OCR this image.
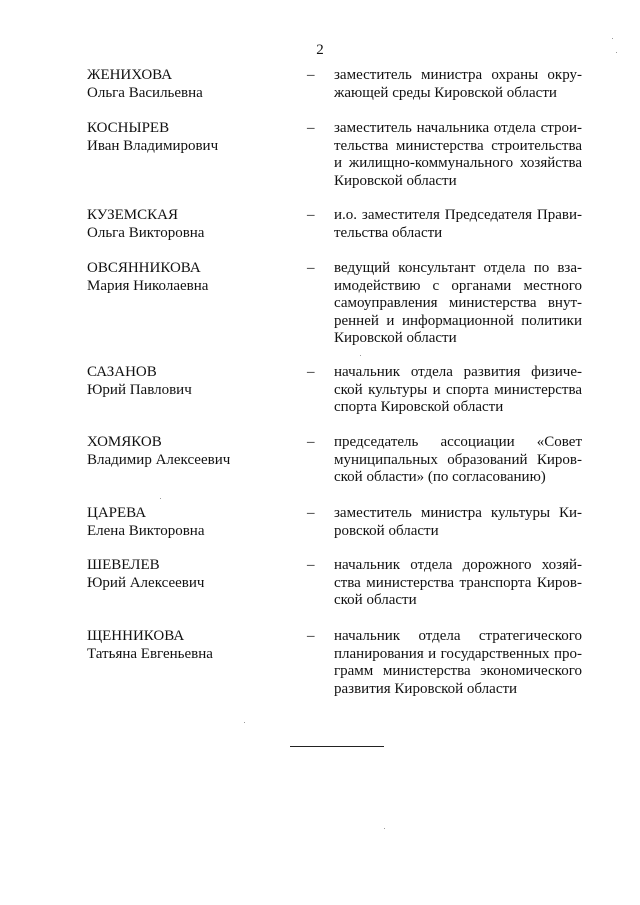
2
ЖЕНИХОВА
Ольга Васильевна
– заместитель министра охраны окру-
жающей среды Кировской области
КОСНЫРЕВ
Иван Владимирович
– заместитель начальника отдела строи-
тельства министерства строительства
и жилищно-коммунального хозяйства
Кировской области
КУЗЕМСКАЯ
Ольга Викторовна
– и.о. заместителя Председателя Прави-
тельства области
ОВСЯННИКОВА
Мария Николаевна
– ведущий консультант отдела по вза-
имодействию с органами местного
самоуправления министерства внут-
ренней и информационной политики
Кировской области
САЗАНОВ
Юрий Павлович
– начальник отдела развития физиче-
ской культуры и спорта министерства
спорта Кировской области
ХОМЯКОВ
Владимир Алексеевич
– председатель ассоциации «Совет
муниципальных образований Киров-
ской области» (по согласованию)
ЦАРЕВА
Елена Викторовна
– заместитель министра культуры Ки-
ровской области
ШЕВЕЛЕВ
Юрий Алексеевич
– начальник отдела дорожного хозяй-
ства министерства транспорта Киров-
ской области
ЩЕННИКОВА
Татьяна Евгеньевна
– начальник отдела стратегического
планирования и государственных про-
грамм министерства экономического
развития Кировской области
